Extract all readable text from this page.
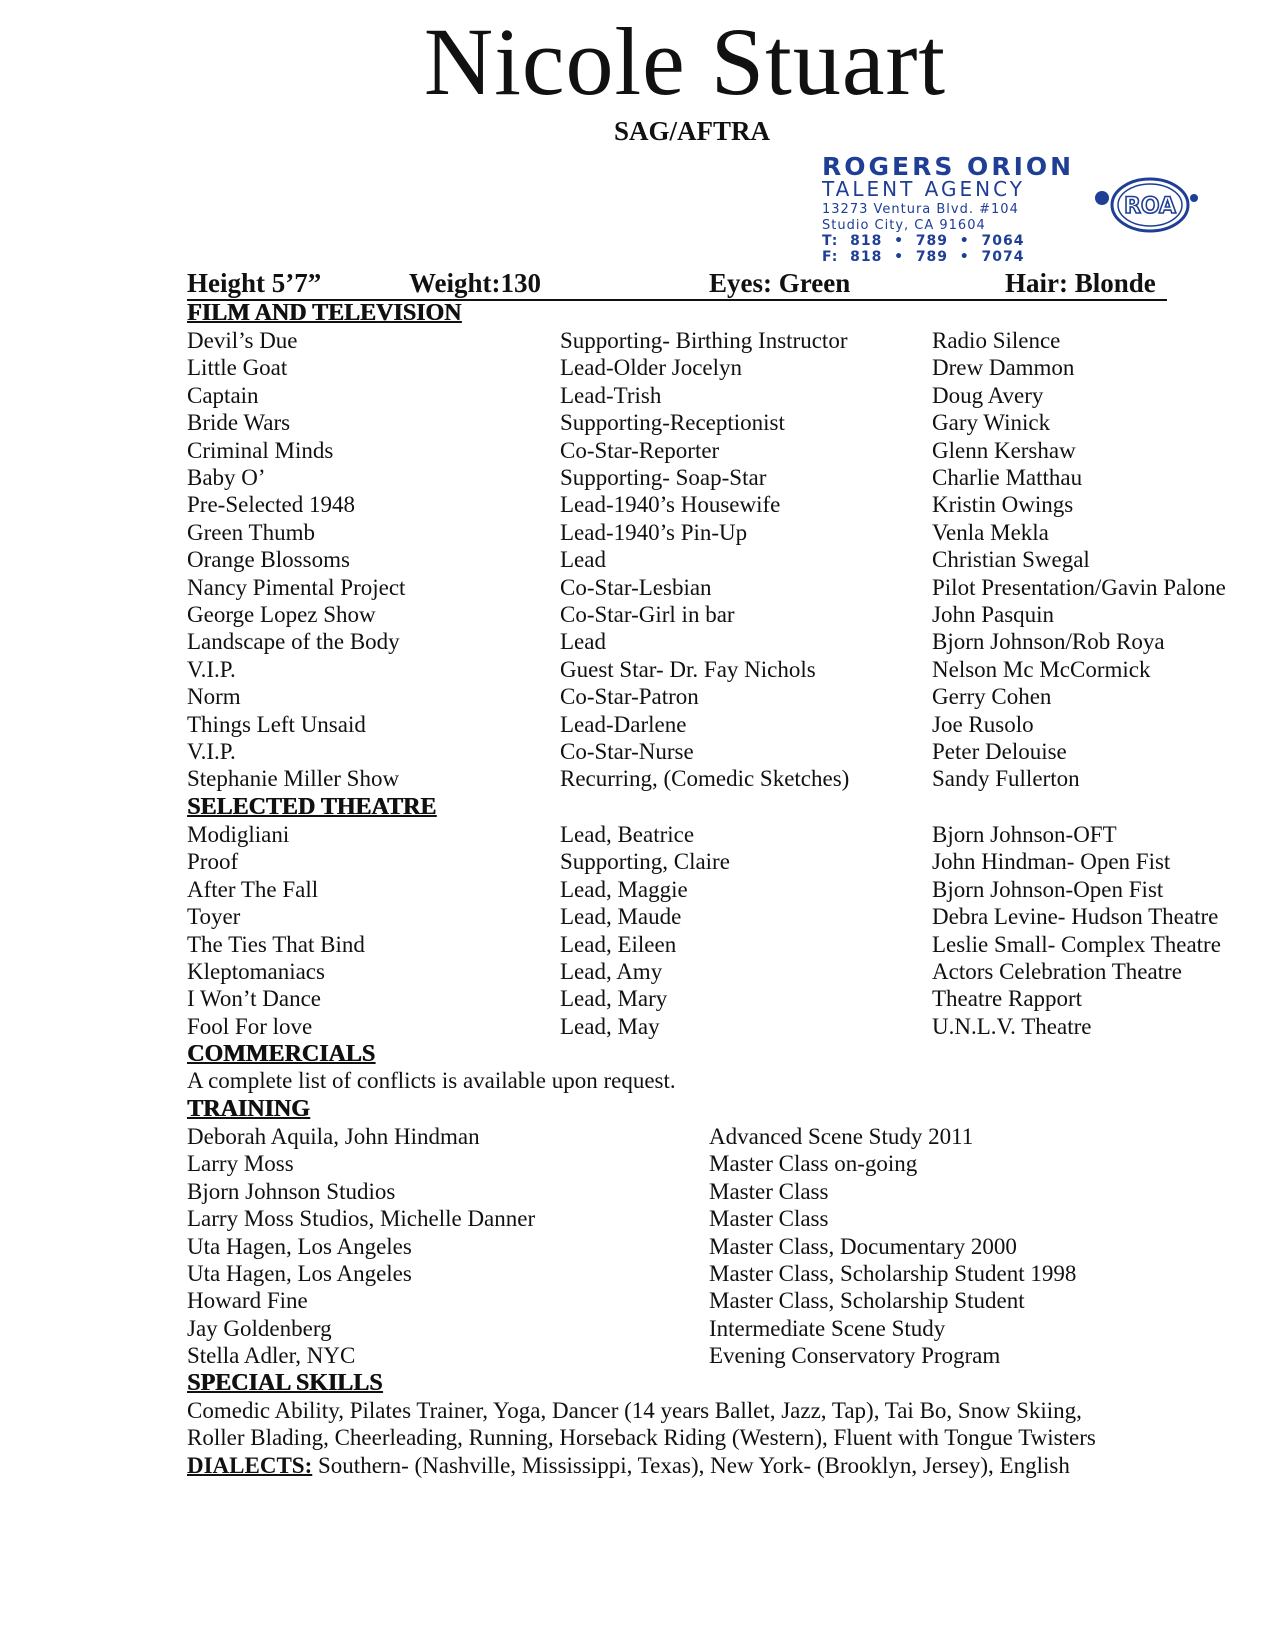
Nicole Stuart
SAG/AFTRA
ROGERS ORION
TALENT AGENCY
13273 Ventura Blvd. #104
Studio City, CA 91604
T:  818  •  789  •  7064
F:  818  •  789  •  7074
ROA
Height 5’7”	Weight:130	Eyes: Green	Hair: Blonde
FILM AND TELEVISION
Devil’s Due	Supporting- Birthing Instructor	Radio Silence
Little Goat	Lead-Older Jocelyn	Drew Dammon
Captain	Lead-Trish	Doug Avery
Bride Wars	Supporting-Receptionist	Gary Winick
Criminal Minds	Co-Star-Reporter	Glenn Kershaw
Baby O’	Supporting- Soap-Star	Charlie Matthau
Pre-Selected 1948	Lead-1940’s Housewife	Kristin Owings
Green Thumb	Lead-1940’s Pin-Up	Venla Mekla
Orange Blossoms	Lead	Christian Swegal
Nancy Pimental Project	Co-Star-Lesbian	Pilot Presentation/Gavin Palone
George Lopez Show	Co-Star-Girl in bar	John Pasquin
Landscape of the Body	Lead	Bjorn Johnson/Rob Roya
V.I.P.	Guest Star- Dr. Fay Nichols	Nelson Mc McCormick
Norm	Co-Star-Patron	Gerry Cohen
Things Left Unsaid	Lead-Darlene	Joe Rusolo
V.I.P.	Co-Star-Nurse	Peter Delouise
Stephanie Miller Show	Recurring, (Comedic Sketches)	Sandy Fullerton
SELECTED THEATRE
Modigliani	Lead, Beatrice	Bjorn Johnson-OFT
Proof	Supporting, Claire	John Hindman- Open Fist
After The Fall	Lead, Maggie	Bjorn Johnson-Open Fist
Toyer	Lead, Maude	Debra Levine- Hudson Theatre
The Ties That Bind	Lead, Eileen	Leslie Small- Complex Theatre
Kleptomaniacs	Lead, Amy	Actors Celebration Theatre
I Won’t Dance	Lead, Mary	Theatre Rapport
Fool For love	Lead, May	U.N.L.V. Theatre
COMMERCIALS
A complete list of conflicts is available upon request.
TRAINING
Deborah Aquila, John Hindman	Advanced Scene Study 2011
Larry Moss	Master Class on-going
Bjorn Johnson Studios	Master Class
Larry Moss Studios, Michelle Danner	Master Class
Uta Hagen, Los Angeles	Master Class, Documentary 2000
Uta Hagen, Los Angeles	Master Class, Scholarship Student 1998
Howard Fine	Master Class, Scholarship Student
Jay Goldenberg	Intermediate Scene Study
Stella Adler, NYC	Evening Conservatory Program
SPECIAL SKILLS
Comedic Ability, Pilates Trainer, Yoga, Dancer (14 years Ballet, Jazz, Tap), Tai Bo, Snow Skiing,
Roller Blading, Cheerleading, Running, Horseback Riding (Western), Fluent with Tongue Twisters
DIALECTS: Southern- (Nashville, Mississippi, Texas), New York- (Brooklyn, Jersey), English
